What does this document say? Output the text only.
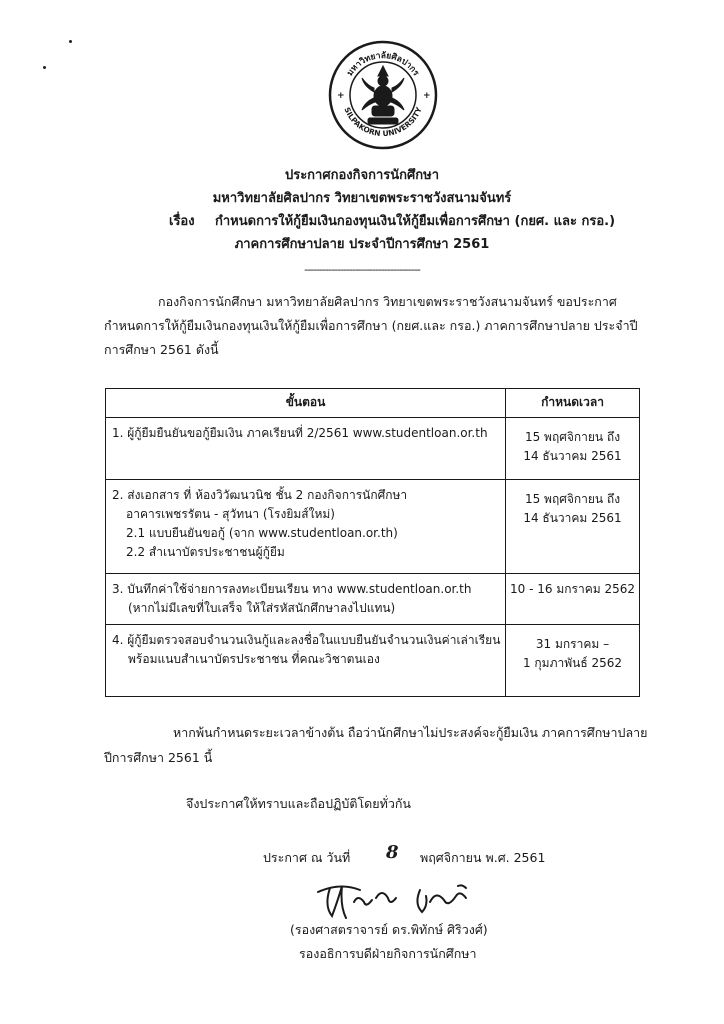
มหาวิทยาลัยศิลปากร
SILPAKORN UNIVERSITY
+	+
ประกาศกองกิจการนักศึกษา
มหาวิทยาลัยศิลปากร วิทยาเขตพระราชวังสนามจันทร์
เรื่อง กำหนดการให้กู้ยืมเงินกองทุนเงินให้กู้ยืมเพื่อการศึกษา (กยศ. และ กรอ.)
ภาคการศึกษาปลาย ประจำปีการศึกษา 2561
---------------------------------------
กองกิจการนักศึกษา มหาวิทยาลัยศิลปากร วิทยาเขตพระราชวังสนามจันทร์ ขอประกาศ
กำหนดการให้กู้ยืมเงินกองทุนเงินให้กู้ยืมเพื่อการศึกษา (กยศ.และ กรอ.) ภาคการศึกษาปลาย ประจำปี
การศึกษา 2561 ดังนี้
ขั้นตอน	กำหนดเวลา

1. ผู้กู้ยืมยืนยันขอกู้ยืมเงิน ภาคเรียนที่ 2/2561 www.studentloan.or.th	15 พฤศจิกายน ถึง
14 ธันวาคม 2561

2. ส่งเอกสาร ที่ ห้องวิวัฒนวนิช ชั้น 2 กองกิจการนักศึกษา
อาคารเพชรรัตน - สุวัทนา (โรงยิมส์ใหม่)
2.1 แบบยืนยันขอกู้ (จาก www.studentloan.or.th)
2.2 สำเนาบัตรประชาชนผู้กู้ยืม	15 พฤศจิกายน ถึง
14 ธันวาคม 2561

3. บันทึกค่าใช้จ่ายการลงทะเบียนเรียน ทาง www.studentloan.or.th
(หากไม่มีเลขที่ใบเสร็จ ให้ใส่รหัสนักศึกษาลงไปแทน)	10 - 16 มกราคม 2562

4. ผู้กู้ยืมตรวจสอบจำนวนเงินกู้และลงชื่อในแบบยืนยันจำนวนเงินค่าเล่าเรียน
พร้อมแนบสำเนาบัตรประชาชน ที่คณะวิชาตนเอง	31 มกราคม –
1 กุมภาพันธ์ 2562
หากพ้นกำหนดระยะเวลาข้างต้น ถือว่านักศึกษาไม่ประสงค์จะกู้ยืมเงิน ภาคการศึกษาปลาย
ปีการศึกษา 2561 นี้
จึงประกาศให้ทราบและถือปฏิบัติโดยทั่วกัน
ประกาศ ณ วันที่ 8 พฤศจิกายน พ.ศ. 2561
(รองศาสตราจารย์ ดร.พิทักษ์ ศิริวงศ์)
รองอธิการบดีฝ่ายกิจการนักศึกษา
